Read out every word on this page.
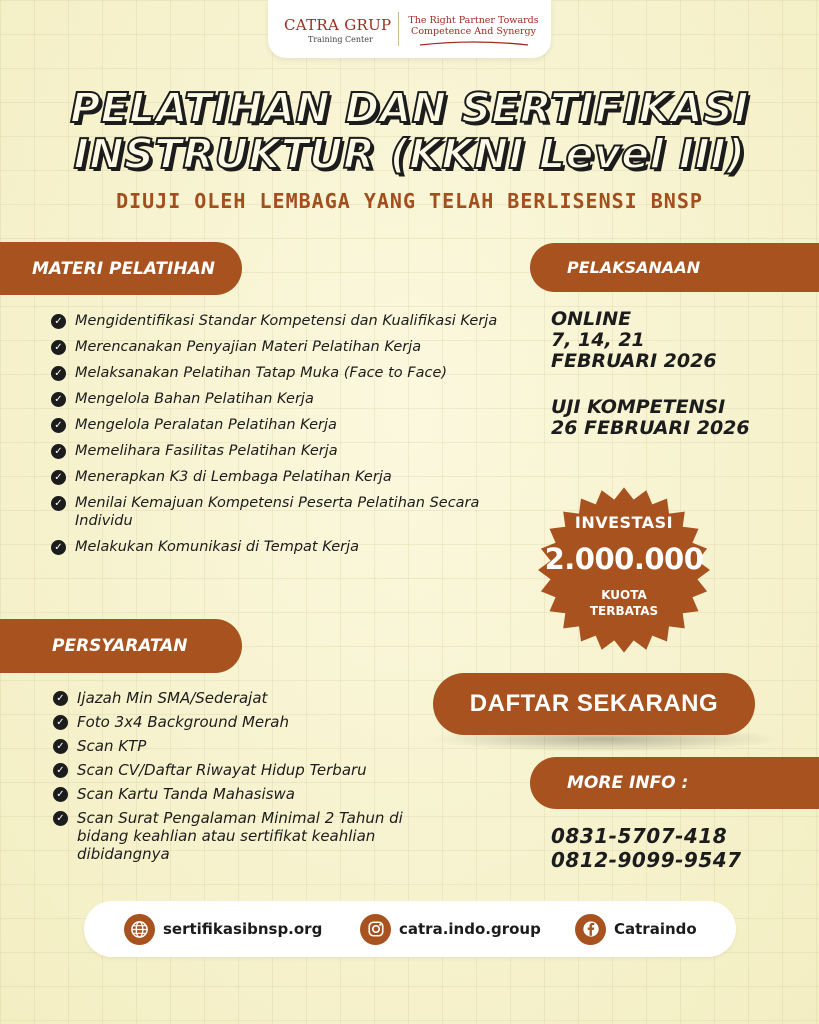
CATRA GRUP
Training Center
The Right Partner Towards
Competence And Synergy
PELATIHAN DAN SERTIFIKASI
INSTRUKTUR (KKNI Level III)
DIUJI OLEH LEMBAGA YANG TELAH BERLISENSI BNSP
MATERI PELATIHAN
✓ Mengidentifikasi Standar Kompetensi dan Kualifikasi Kerja
✓ Merencanakan Penyajian Materi Pelatihan Kerja
✓ Melaksanakan Pelatihan Tatap Muka (Face to Face)
✓ Mengelola Bahan Pelatihan Kerja
✓ Mengelola Peralatan Pelatihan Kerja
✓ Memelihara Fasilitas Pelatihan Kerja
✓ Menerapkan K3 di Lembaga Pelatihan Kerja
✓ Menilai Kemajuan Kompetensi Peserta Pelatihan Secara Individu
✓ Melakukan Komunikasi di Tempat Kerja
PELAKSANAAN
ONLINE
7, 14, 21
FEBRUARI 2026
UJI KOMPETENSI
26 FEBRUARI 2026
INVESTASI
2.000.000
KUOTA
TERBATAS
PERSYARATAN
✓ Ijazah Min SMA/Sederajat
✓ Foto 3x4 Background Merah
✓ Scan KTP
✓ Scan CV/Daftar Riwayat Hidup Terbaru
✓ Scan Kartu Tanda Mahasiswa
✓ Scan Surat Pengalaman Minimal 2 Tahun di bidang keahlian atau sertifikat keahlian dibidangnya
DAFTAR SEKARANG
MORE INFO :
0831-5707-418
0812-9099-9547
sertifikasibnsp.org	catra.indo.group	Catraindo
